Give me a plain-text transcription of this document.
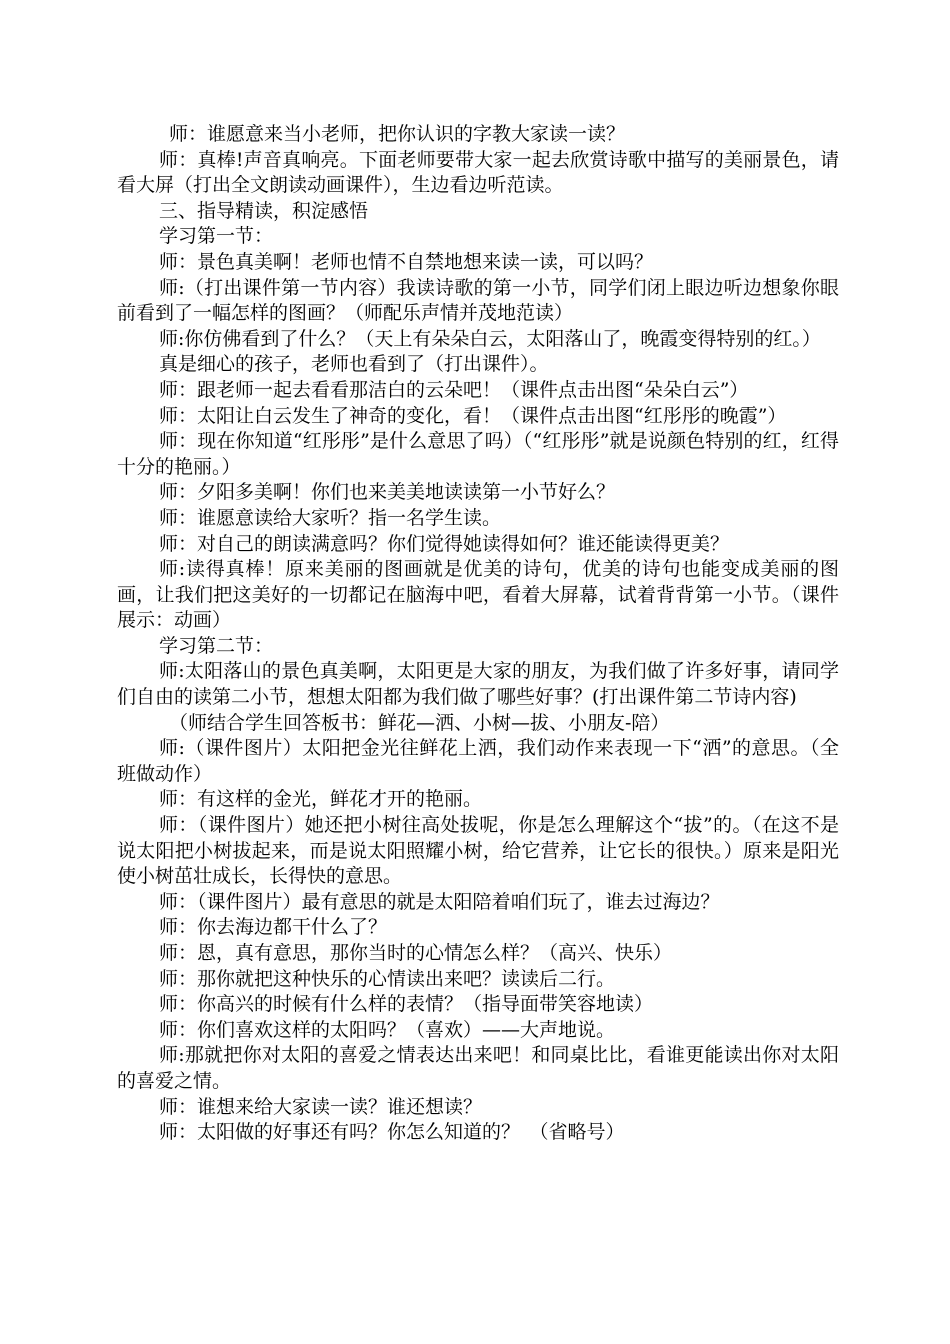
师：谁愿意来当小老师，把你认识的字教大家读一读？

师：真棒!声音真响亮。下面老师要带大家一起去欣赏诗歌中描写的美丽景色，请看大屏（打出全文朗读动画课件），生边看边听范读。

三、指导精读，积淀感悟

学习第一节：

师：景色真美啊！老师也情不自禁地想来读一读，可以吗？

师:（打出课件第一节内容）我读诗歌的第一小节，同学们闭上眼边听边想象你眼前看到了一幅怎样的图画？（师配乐声情并茂地范读）

师:你仿佛看到了什么？（天上有朵朵白云，太阳落山了，晚霞变得特别的红。）

真是细心的孩子，老师也看到了（打出课件）。

师：跟老师一起去看看那洁白的云朵吧！（课件点击出图“朵朵白云”）

师：太阳让白云发生了神奇的变化，看！（课件点击出图“红彤彤的晚霞”）

师：现在你知道“红彤彤”是什么意思了吗）（“红彤彤”就是说颜色特别的红，红得十分的艳丽。）

师：夕阳多美啊！你们也来美美地读读第一小节好么？

师：谁愿意读给大家听？指一名学生读。

师：对自己的朗读满意吗？你们觉得她读得如何？谁还能读得更美？

师:读得真棒！原来美丽的图画就是优美的诗句，优美的诗句也能变成美丽的图画，让我们把这美好的一切都记在脑海中吧，看着大屏幕，试着背背第一小节。（课件展示：动画）

学习第二节：

师:太阳落山的景色真美啊，太阳更是大家的朋友，为我们做了许多好事，请同学们自由的读第二小节，想想太阳都为我们做了哪些好事？(打出课件第二节诗内容)

（师结合学生回答板书：鲜花—洒、小树—拔、小朋友-陪）

师:（课件图片）太阳把金光往鲜花上洒，我们动作来表现一下“洒”的意思。（全班做动作）

师：有这样的金光，鲜花才开的艳丽。

师：（课件图片）她还把小树往高处拔呢，你是怎么理解这个“拔”的。（在这不是说太阳把小树拔起来，而是说太阳照耀小树，给它营养，让它长的很快。）原来是阳光使小树茁壮成长，长得快的意思。

师：（课件图片）最有意思的就是太阳陪着咱们玩了，谁去过海边？

师：你去海边都干什么了？

师：恩，真有意思，那你当时的心情怎么样？（高兴、快乐）

师：那你就把这种快乐的心情读出来吧？读读后二行。

师：你高兴的时候有什么样的表情？（指导面带笑容地读）

师：你们喜欢这样的太阳吗？（喜欢）——大声地说。

师:那就把你对太阳的喜爱之情表达出来吧！和同桌比比，看谁更能读出你对太阳的喜爱之情。

师：谁想来给大家读一读？谁还想读？

师：太阳做的好事还有吗？你怎么知道的？　（省略号）
